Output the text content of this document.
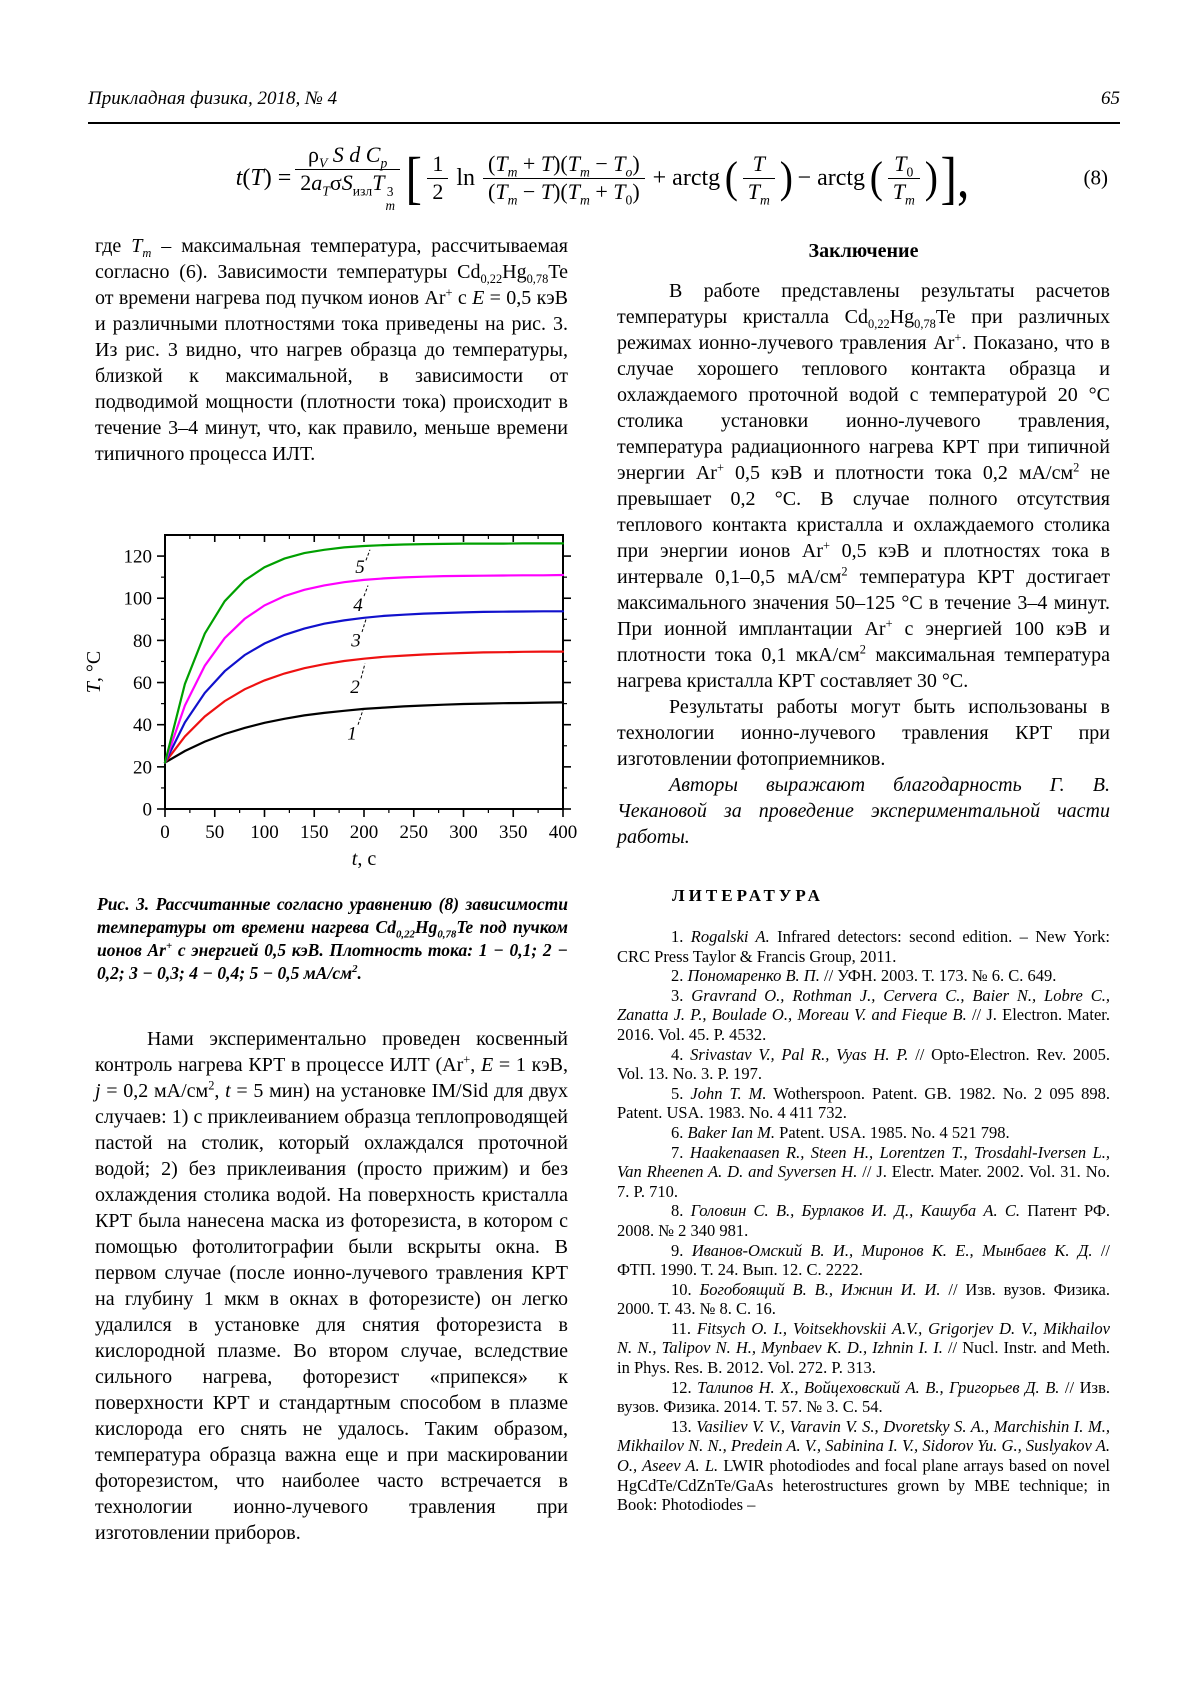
Прикладная физика, 2018, № 4	65
$t(T) = \rho_V$ S d $C_p$
$2a_T\sigma S_{изл}T$ 3
m [ $\frac{1}{2}$ $\ln \frac{(T_m + T)(T_m - T_o)}{(T_m - T)(T_m + T_0)}$ + arctg ( $\frac{T}{T_m}$ ) − arctg ( $\frac{T_0}{T_m}$ ) ],	(8)

где $T_m$ – максимальная температура, рассчитываемая согласно (6). Зависимости температуры $Cd_{0,22}Hg_{0,78}Te$ от времени нагрева под пучком ионов Ar+ с E = 0,5 кэВ и различными плотностями тока приведены на рис. 3. Из рис. 3 видно, что нагрев образца до температуры, близкой к максимальной, в зависимости от подводимой мощности (плотности тока) происходит в течение 3–4 минут, что, как правило, меньше времени типичного процесса ИЛТ.

0
20
40
60
80
100
120
0 50 100 150 200 250 300 350 400
1
2
3
4
5
t, c
T, °C

Рис. 3. Рассчитанные согласно уравнению (8) зависимости температуры от времени нагрева $Cd_{0,22}Hg_{0,78}Te$ под пучком ионов Ar+ с энергией 0,5 кэВ. Плотность тока: 1 − 0,1; 2 − 0,2; 3 − 0,3; 4 − 0,4; 5 − 0,5 $мА/см^2$.

Нами экспериментально проведен косвенный контроль нагрева КРТ в процессе ИЛТ (Ar+, E = 1 кэВ, j = 0,2 $мА/см^2$, t = 5 мин) на установке IM/Sid для двух случаев: 1) с приклеиванием образца теплопроводящей пастой на столик, который охлаждался проточной водой; 2) без приклеивания (просто прижим) и без охлаждения столика водой. На поверхность кристалла КРТ была нанесена маска из фоторезиста, в котором с помощью фотолитографии были вскрыты окна. В первом случае (после ионно-лучевого травления КРТ на глубину 1 мкм в окнах в фоторезисте) он легко удалился в установке для снятия фоторезиста в кислородной плазме. Во втором случае, вследствие сильного нагрева, фоторезист «припекся» к поверхности КРТ и стандартным способом в плазме кислорода его снять не удалось. Таким образом, температура образца важна еще и при маскировании фоторезистом, что наиболее часто встречается в технологии ионно-лучевого травления при изготовлении приборов.

Заключение

В работе представлены результаты расчетов температуры кристалла $Cd_{0,22}Hg_{0,78}Te$ при различных режимах ионно-лучевого травления Ar+. Показано, что в случае хорошего теплового контакта образца и охлаждаемого проточной водой с температурой 20 °C столика установки ионно-лучевого травления, температура радиационного нагрева КРТ при типичной энергии Ar+ 0,5 кэВ и плотности тока 0,2 $мА/см^2$ не превышает 0,2 °C. В случае полного отсутствия теплового контакта кристалла и охлаждаемого столика при энергии ионов Ar+ 0,5 кэВ и плотностях тока в интервале 0,1–0,5 $мА/см^2$ температура КРТ достигает максимального значения 50–125 °C в течение 3–4 минут. При ионной имплантации Ar+ с энергией 100 кэВ и плотности тока 0,1 мкА/$см^2$ максимальная температура нагрева кристалла КРТ составляет 30 °C.

Результаты работы могут быть использованы в технологии ионно-лучевого травления КРТ при изготовлении фотоприемников.

Авторы выражают благодарность Г. В. Чекановой за проведение экспериментальной части работы.

ЛИТЕРАТУРА

1. Rogalski A. Infrared detectors: second edition. – New York: CRC Press Taylor & Francis Group, 2011.

2. Пономаренко В. П. // УФН. 2003. Т. 173. № 6. С. 649.

3. Gravrand O., Rothman J., Cervera C., Baier N., Lobre C., Zanatta J. P., Boulade O., Moreau V. and Fieque B. // J. Electron. Mater. 2016. Vol. 45. P. 4532.

4. Srivastav V., Pal R., Vyas H. P. // Opto-Electron. Rev. 2005. Vol. 13. No. 3. P. 197.

5. John T. M. Wotherspoon. Patent. GB. 1982. No. 2 095 898. Patent. USA. 1983. No. 4 411 732.

6. Baker Ian M. Patent. USA. 1985. No. 4 521 798.

7. Haakenaasen R., Steen H., Lorentzen T., Trosdahl-Iversen L., Van Rheenen A. D. and Syversen H. // J. Electr. Mater. 2002. Vol. 31. No. 7. P. 710.

8. Головин С. В., Бурлаков И. Д., Кашуба А. С. Патент РФ. 2008. № 2 340 981.

9. Иванов-Омский В. И., Миронов К. Е., Мынбаев К. Д. // ФТП. 1990. Т. 24. Вып. 12. С. 2222.

10. Богобоящий В. В., Ижнин И. И. // Изв. вузов. Физика. 2000. Т. 43. № 8. С. 16.

11. Fitsych O. I., Voitsekhovskii A.V., Grigorjev D. V., Mikhailov N. N., Talipov N. H., Mynbaev K. D., Izhnin I. I. // Nucl. Instr. and Meth. in Phys. Res. B. 2012. Vol. 272. P. 313.

12. Талипов Н. Х., Войцеховский А. В., Григорьев Д. В. // Изв. вузов. Физика. 2014. Т. 57. № 3. С. 54.

13. Vasiliev V. V., Varavin V. S., Dvoretsky S. A., Marchishin I. M., Mikhailov N. N., Predein A. V., Sabinina I. V., Sidorov Yu. G., Suslyakov A. O., Aseev A. L. LWIR photodiodes and focal plane arrays based on novel HgCdTe/CdZnTe/GaAs heterostructures grown by MBE technique; in Book: Photodiodes –
